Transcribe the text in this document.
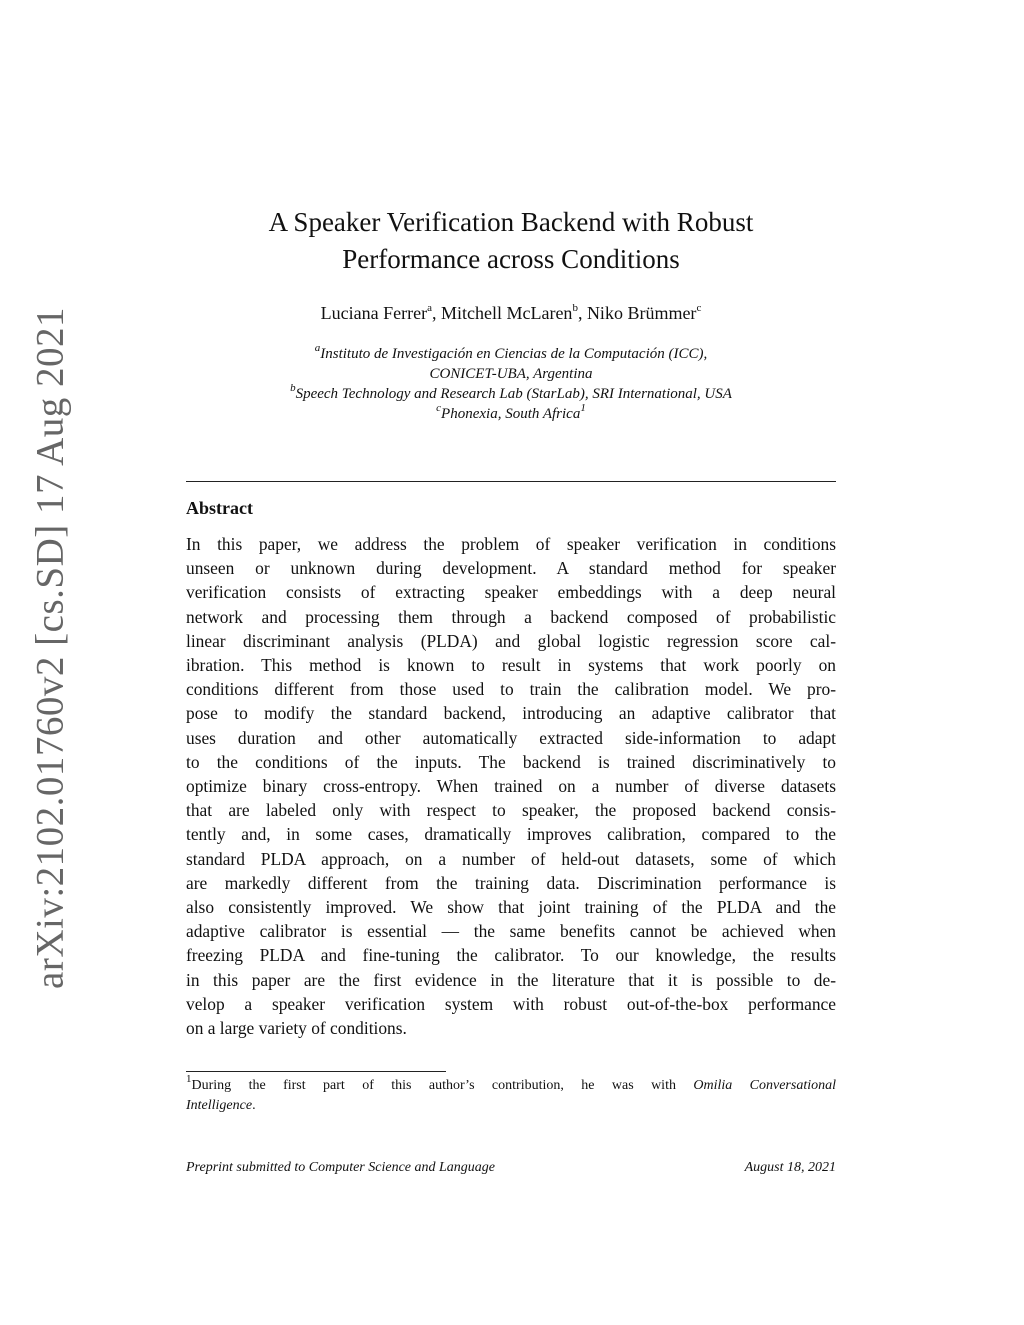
arXiv:2102.01760v2 [cs.SD] 17 Aug 2021
A Speaker Verification Backend with Robust
Performance across Conditions
Luciana Ferrer$^a$, Mitchell McLaren$^b$, Niko Brümmer$^c$
$^a$Instituto de Investigación en Ciencias de la Computación (ICC),
CONICET-UBA, Argentina
$^b$Speech Technology and Research Lab (StarLab), SRI International, USA
$^c$Phonexia, South Africa$^1$
Abstract
In this paper, we address the problem of speaker verification in conditions
unseen or unknown during development. A standard method for speaker
verification consists of extracting speaker embeddings with a deep neural
network and processing them through a backend composed of probabilistic
linear discriminant analysis (PLDA) and global logistic regression score cal-
ibration. This method is known to result in systems that work poorly on
conditions different from those used to train the calibration model. We pro-
pose to modify the standard backend, introducing an adaptive calibrator that
uses duration and other automatically extracted side-information to adapt
to the conditions of the inputs. The backend is trained discriminatively to
optimize binary cross-entropy. When trained on a number of diverse datasets
that are labeled only with respect to speaker, the proposed backend consis-
tently and, in some cases, dramatically improves calibration, compared to the
standard PLDA approach, on a number of held-out datasets, some of which
are markedly different from the training data. Discrimination performance is
also consistently improved. We show that joint training of the PLDA and the
adaptive calibrator is essential — the same benefits cannot be achieved when
freezing PLDA and fine-tuning the calibrator. To our knowledge, the results
in this paper are the first evidence in the literature that it is possible to de-
velop a speaker verification system with robust out-of-the-box performance
on a large variety of conditions.
$^1$During the first part of this author’s contribution, he was with Omilia Conversational
Intelligence.
Preprint submitted to Computer Science and Language	August 18, 2021
